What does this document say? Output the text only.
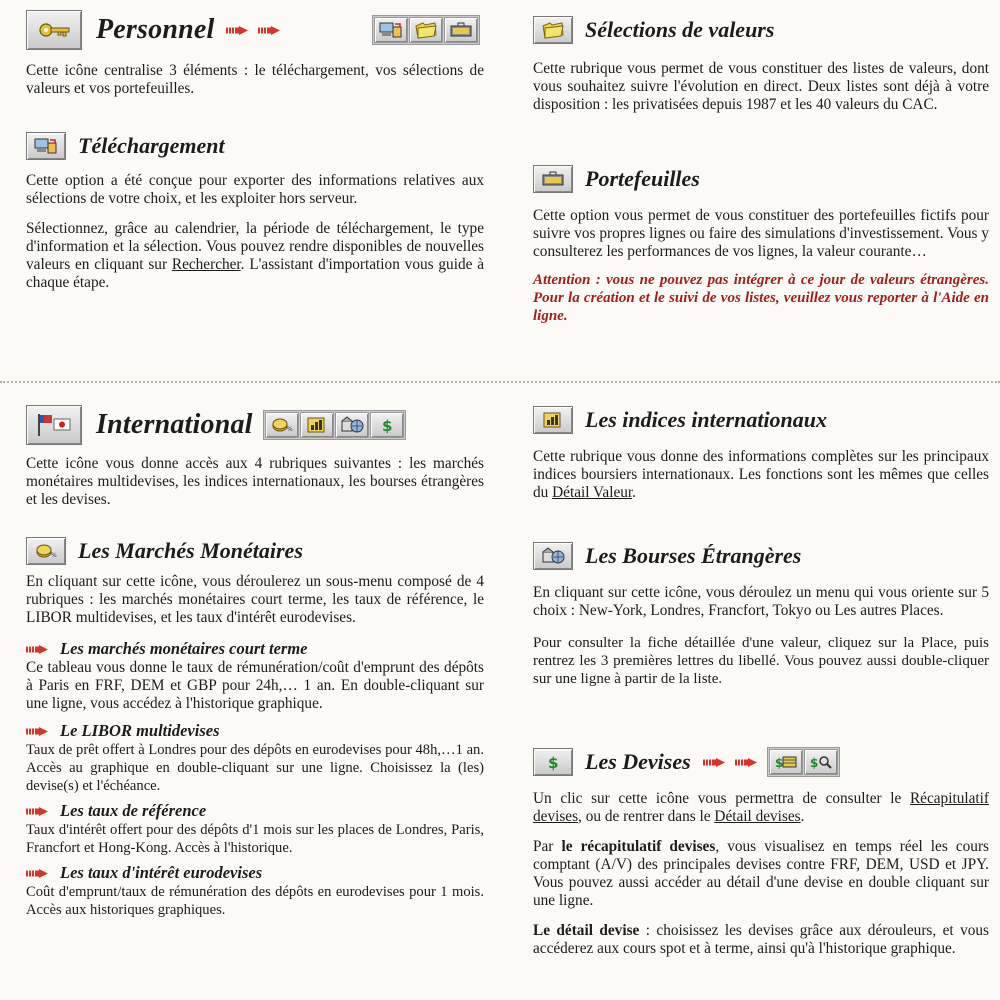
Personnel

Cette icône centralise 3 éléments : le téléchargement, vos sélections de valeurs et vos portefeuilles.

Téléchargement

Cette option a été conçue pour exporter des informations relatives aux sélections de votre choix, et les exploiter hors serveur.

Sélectionnez, grâce au calendrier, la période de téléchargement, le type d'information et la sélection. Vous pouvez rendre disponibles de nouvelles valeurs en cliquant sur Rechercher. L'assistant d'importation vous guide à chaque étape.

International

Cette icône vous donne accès aux 4 rubriques suivantes : les marchés monétaires multidevises, les indices internationaux, les bourses étrangères et les devises.

Les Marchés Monétaires

En cliquant sur cette icône, vous déroulerez un sous-menu composé de 4 rubriques : les marchés monétaires court terme, les taux de référence, le LIBOR multidevises, et les taux d'intérêt eurodevises.

Les marchés monétaires court terme

Ce tableau vous donne le taux de rémunération/coût d'emprunt des dépôts à Paris en FRF, DEM et GBP pour 24h,… 1 an. En double-cliquant sur une ligne, vous accédez à l'historique graphique.

Le LIBOR multidevises

Taux de prêt offert à Londres pour des dépôts en eurodevises pour 48h,…1 an. Accès au graphique en double-cliquant sur une ligne. Choisissez la (les) devise(s) et l'échéance.

Les taux de référence

Taux d'intérêt offert pour des dépôts d'1 mois sur les places de Londres, Paris, Francfort et Hong-Kong. Accès à l'historique.

Les taux d'intérêt eurodevises

Coût d'emprunt/taux de rémunération des dépôts en eurodevises pour 1 mois. Accès aux historiques graphiques.

Sélections de valeurs

Cette rubrique vous permet de vous constituer des listes de valeurs, dont vous souhaitez suivre l'évolution en direct. Deux listes sont déjà à votre disposition : les privatisées depuis 1987 et les 40 valeurs du CAC.

Portefeuilles

Cette option vous permet de vous constituer des portefeuilles fictifs pour suivre vos propres lignes ou faire des simulations d'investissement. Vous y consulterez les performances de vos lignes, la valeur courante…

Attention : vous ne pouvez pas intégrer à ce jour de valeurs étrangères. Pour la création et le suivi de vos listes, veuillez vous reporter à l'Aide en ligne.

Les indices internationaux

Cette rubrique vous donne des informations complètes sur les principaux indices boursiers internationaux. Les fonctions sont les mêmes que celles du Détail Valeur.

Les Bourses Étrangères

En cliquant sur cette icône, vous déroulez un menu qui vous oriente sur 5 choix : New-York, Londres, Francfort, Tokyo ou Les autres Places.

Pour consulter la fiche détaillée d'une valeur, cliquez sur la Place, puis rentrez les 3 premières lettres du libellé. Vous pouvez aussi double-cliquer sur une ligne à partir de la liste.

Les Devises

Un clic sur cette icône vous permettra de consulter le Récapitulatif devises, ou de rentrer dans le Détail devises.

Par le récapitulatif devises, vous visualisez en temps réel les cours comptant (A/V) des principales devises contre FRF, DEM, USD et JPY. Vous pouvez aussi accéder au détail d'une devise en double cliquant sur une ligne.

Le détail devise : choisissez les devises grâce aux dérouleurs, et vous accéderez aux cours spot et à terme, ainsi qu'à l'historique graphique.
